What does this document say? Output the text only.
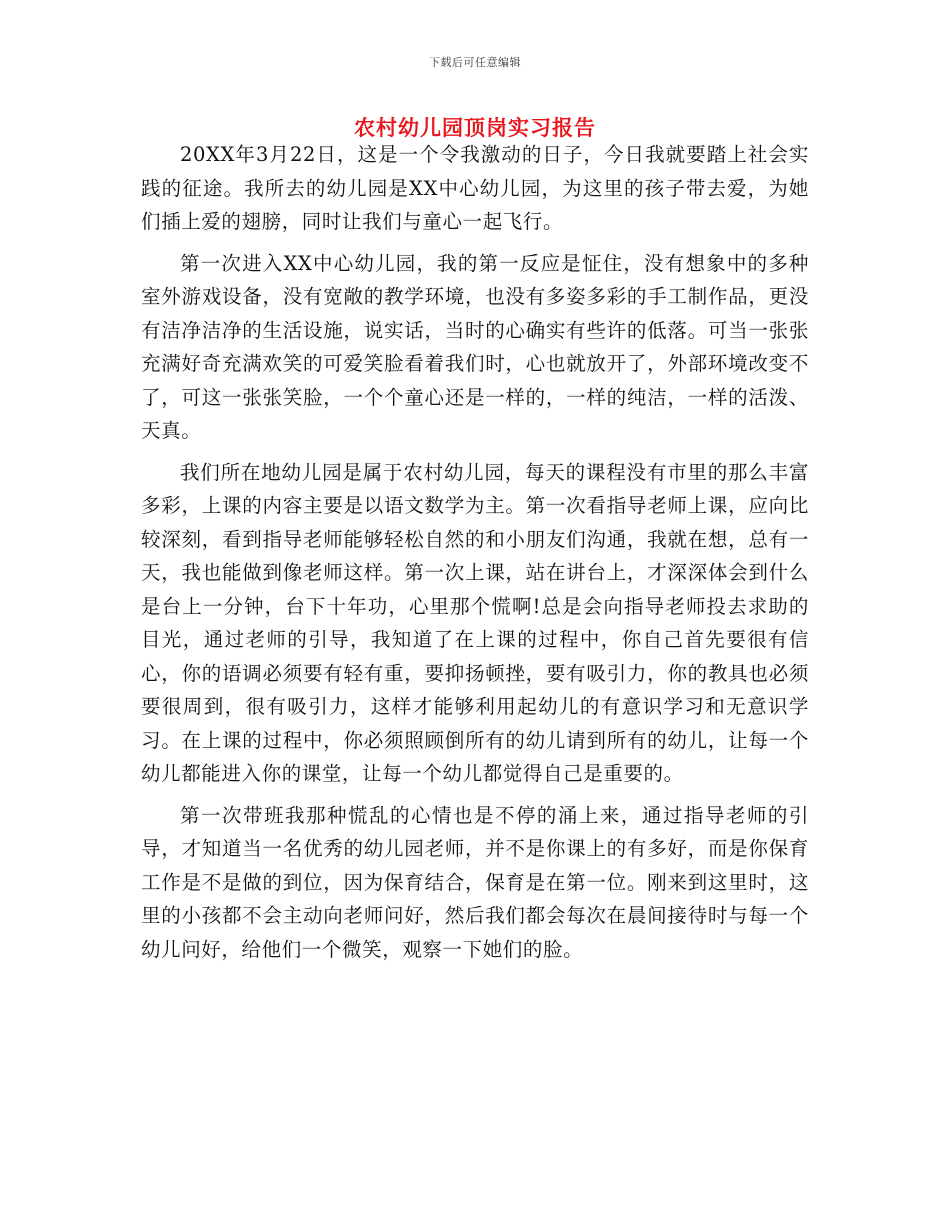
下载后可任意编辑
农村幼儿园顶岗实习报告

20XX年3月22日，这是一个令我激动的日子，今日我就要踏上社会实践的征途。我所去的幼儿园是XX中心幼儿园，为这里的孩子带去爱，为她们插上爱的翅膀，同时让我们与童心一起飞行。

第一次进入XX中心幼儿园，我的第一反应是怔住，没有想象中的多种室外游戏设备，没有宽敞的教学环境，也没有多姿多彩的手工制作品，更没有洁净洁净的生活设施，说实话，当时的心确实有些许的低落。可当一张张充满好奇充满欢笑的可爱笑脸看着我们时，心也就放开了，外部环境改变不了，可这一张张笑脸，一个个童心还是一样的，一样的纯洁，一样的活泼、天真。

我们所在地幼儿园是属于农村幼儿园，每天的课程没有市里的那么丰富多彩，上课的内容主要是以语文数学为主。第一次看指导老师上课，应向比较深刻，看到指导老师能够轻松自然的和小朋友们沟通，我就在想，总有一天，我也能做到像老师这样。第一次上课，站在讲台上，才深深体会到什么是台上一分钟，台下十年功，心里那个慌啊!总是会向指导老师投去求助的目光，通过老师的引导，我知道了在上课的过程中，你自己首先要很有信心，你的语调必须要有轻有重，要抑扬顿挫，要有吸引力，你的教具也必须要很周到，很有吸引力，这样才能够利用起幼儿的有意识学习和无意识学习。在上课的过程中，你必须照顾倒所有的幼儿请到所有的幼儿，让每一个幼儿都能进入你的课堂，让每一个幼儿都觉得自己是重要的。

第一次带班我那种慌乱的心情也是不停的涌上来，通过指导老师的引导，才知道当一名优秀的幼儿园老师，并不是你课上的有多好，而是你保育工作是不是做的到位，因为保育结合，保育是在第一位。刚来到这里时，这里的小孩都不会主动向老师问好，然后我们都会每次在晨间接待时与每一个幼儿问好，给他们一个微笑，观察一下她们的脸。
